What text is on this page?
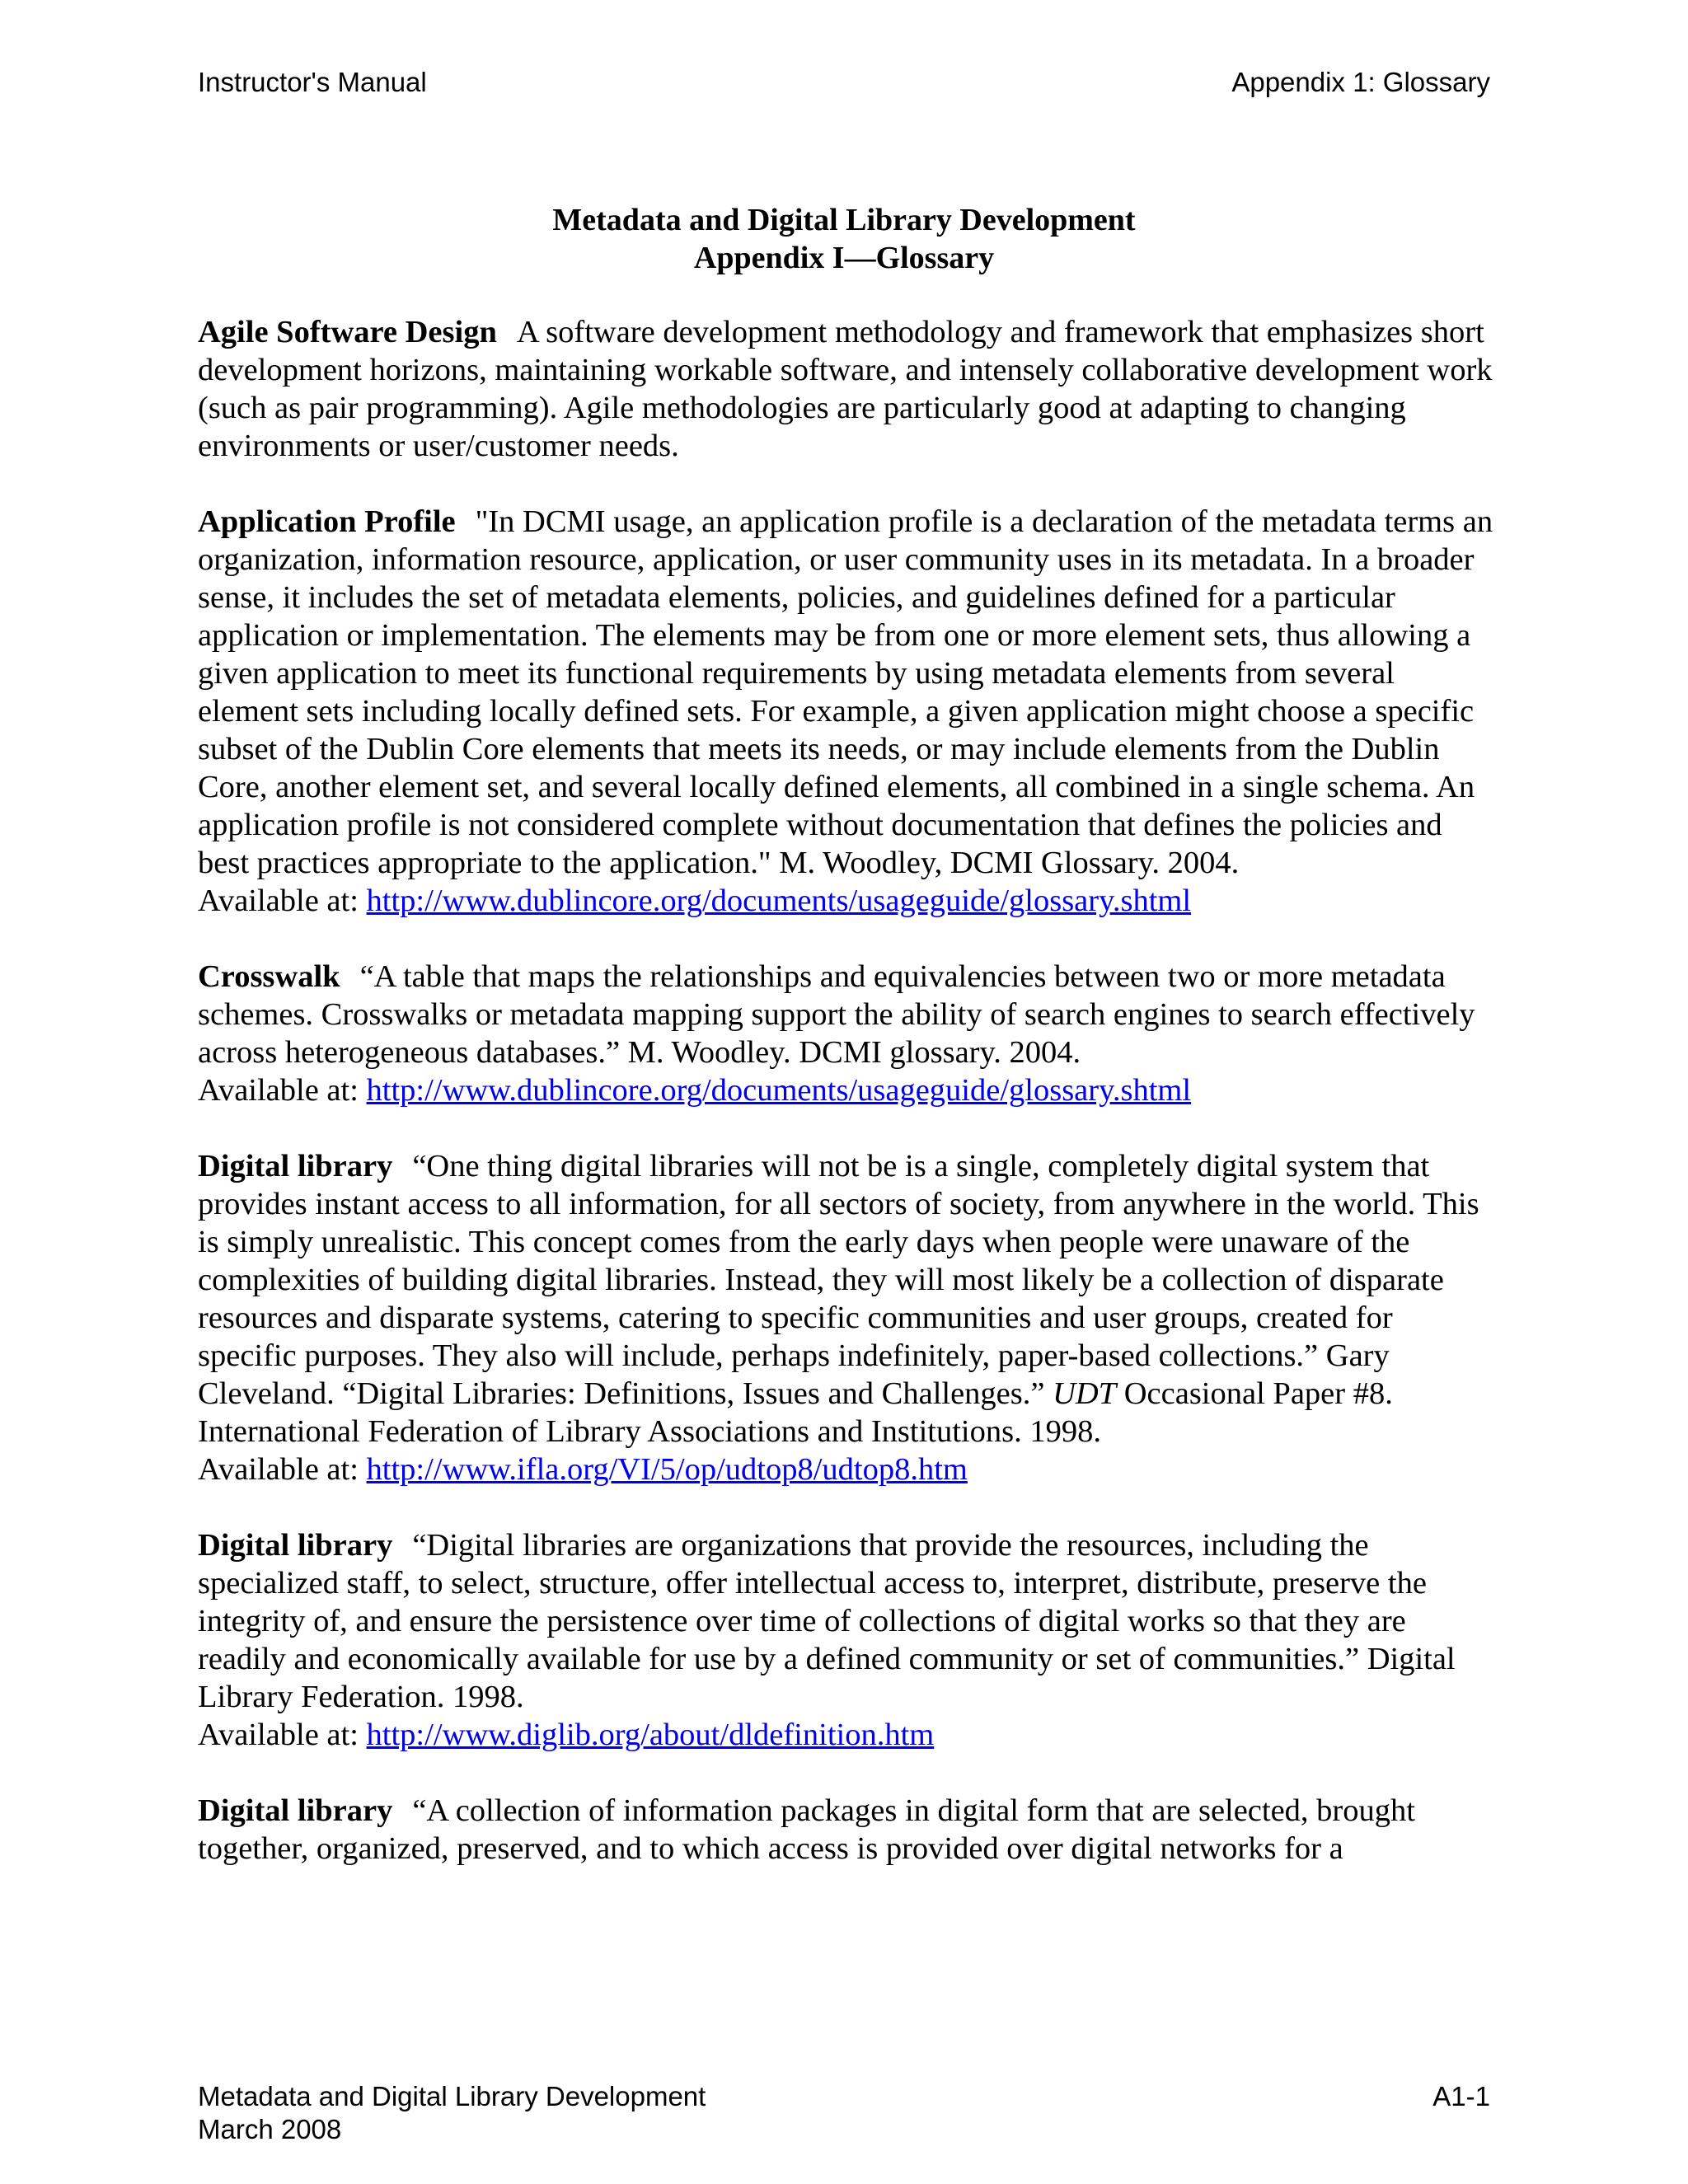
Instructor's Manual	Appendix 1: Glossary
Metadata and Digital Library Development
Appendix I—Glossary

Agile Software Design A software development methodology and framework that emphasizes short development horizons, maintaining workable software, and intensely collaborative development work (such as pair programming). Agile methodologies are particularly good at adapting to changing environments or user/customer needs.

Application Profile "In DCMI usage, an application profile is a declaration of the metadata terms an organization, information resource, application, or user community uses in its metadata. In a broader sense, it includes the set of metadata elements, policies, and guidelines defined for a particular application or implementation. The elements may be from one or more element sets, thus allowing a given application to meet its functional requirements by using metadata elements from several element sets including locally defined sets. For example, a given application might choose a specific subset of the Dublin Core elements that meets its needs, or may include elements from the Dublin Core, another element set, and several locally defined elements, all combined in a single schema. An application profile is not considered complete without documentation that defines the policies and best practices appropriate to the application." M. Woodley, DCMI Glossary. 2004.
Available at: http://www.dublincore.org/documents/usageguide/glossary.shtml

Crosswalk “A table that maps the relationships and equivalencies between two or more metadata schemes. Crosswalks or metadata mapping support the ability of search engines to search effectively across heterogeneous databases.” M. Woodley. DCMI glossary. 2004.
Available at: http://www.dublincore.org/documents/usageguide/glossary.shtml

Digital library “One thing digital libraries will not be is a single, completely digital system that provides instant access to all information, for all sectors of society, from anywhere in the world. This is simply unrealistic. This concept comes from the early days when people were unaware of the complexities of building digital libraries. Instead, they will most likely be a collection of disparate resources and disparate systems, catering to specific communities and user groups, created for specific purposes. They also will include, perhaps indefinitely, paper-based collections.” Gary Cleveland. “Digital Libraries: Definitions, Issues and Challenges.” UDT Occasional Paper #8. International Federation of Library Associations and Institutions. 1998.
Available at: http://www.ifla.org/VI/5/op/udtop8/udtop8.htm

Digital library “Digital libraries are organizations that provide the resources, including the specialized staff, to select, structure, offer intellectual access to, interpret, distribute, preserve the integrity of, and ensure the persistence over time of collections of digital works so that they are readily and economically available for use by a defined community or set of communities.” Digital Library Federation. 1998.
Available at: http://www.diglib.org/about/dldefinition.htm

Digital library “A collection of information packages in digital form that are selected, brought together, organized, preserved, and to which access is provided over digital networks for a

Metadata and Digital Library Development
March 2008
A1-1
